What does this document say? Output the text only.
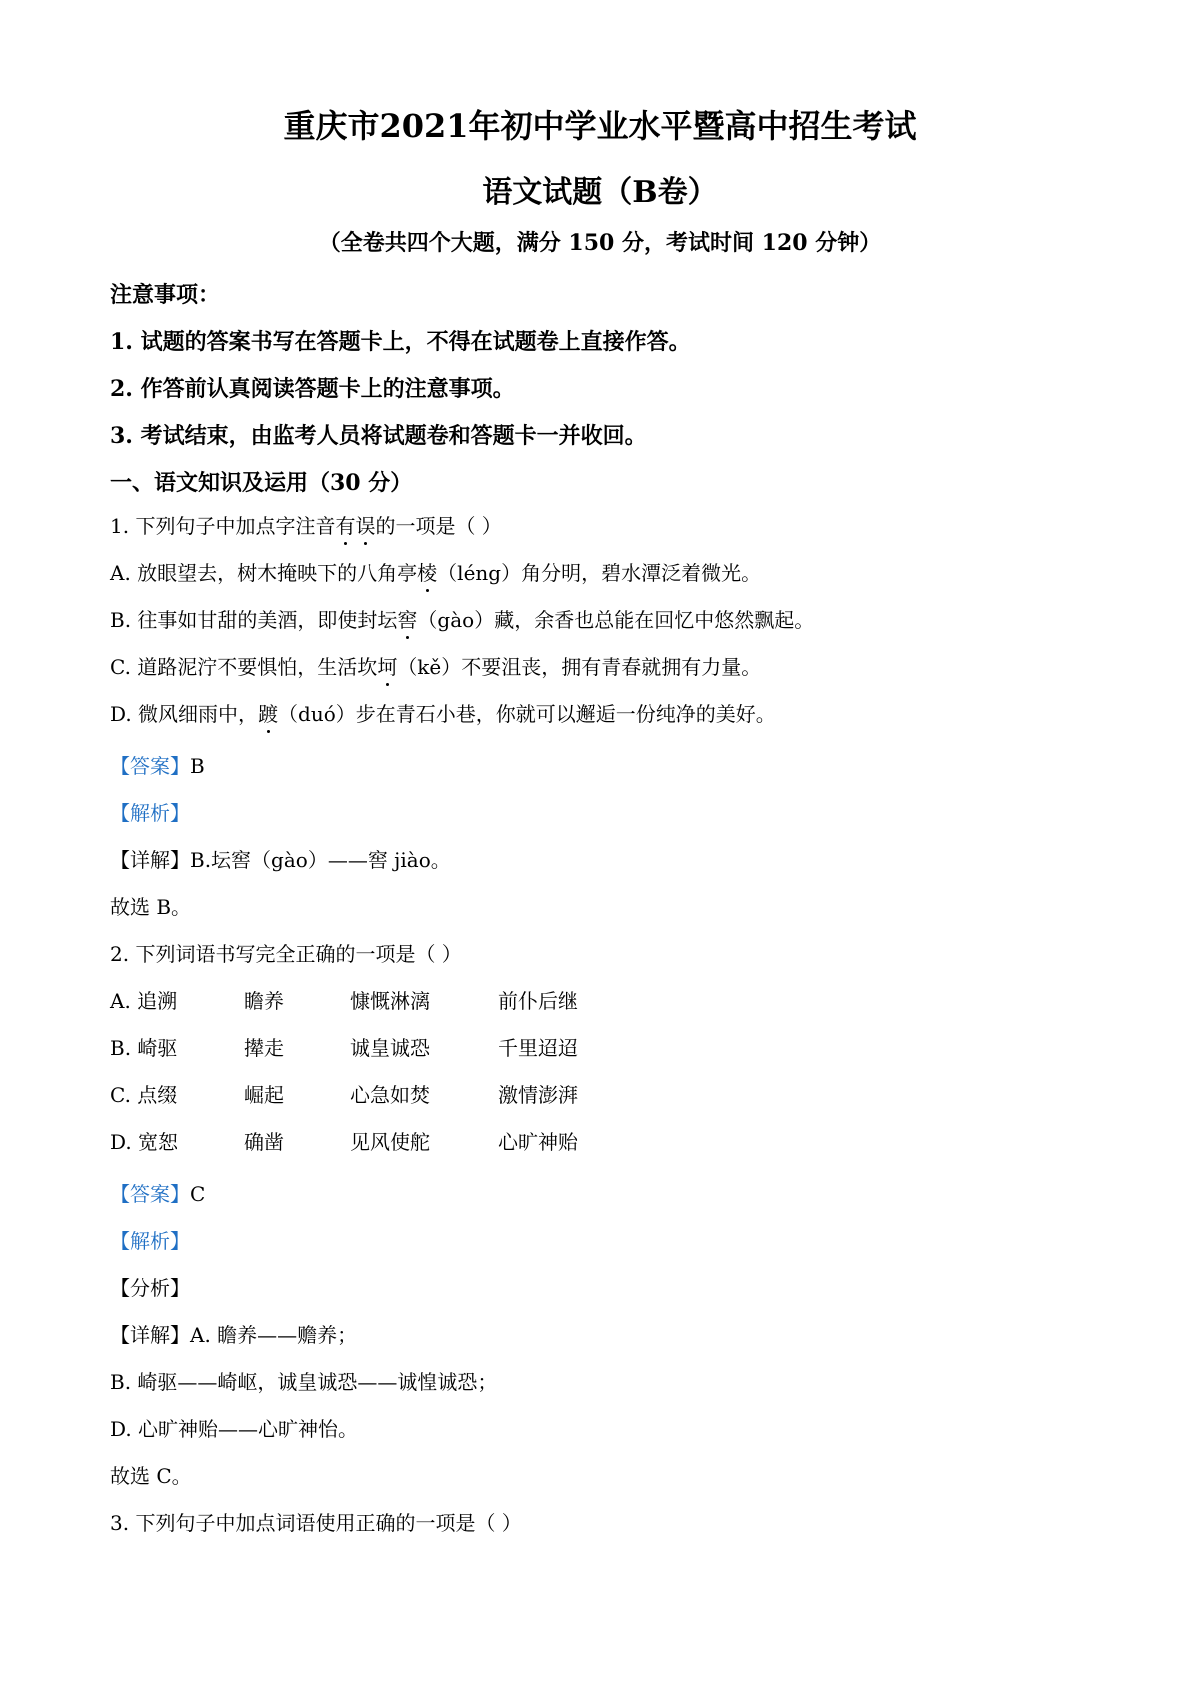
重庆市2021年初中学业水平暨高中招生考试
语文试题（B卷）
（全卷共四个大题，满分 150 分，考试时间 120 分钟）
注意事项：
1. 试题的答案书写在答题卡上，不得在试题卷上直接作答。
2. 作答前认真阅读答题卡上的注意事项。
3. 考试结束，由监考人员将试题卷和答题卡一并收回。
一、语文知识及运用（30 分）
1. 下列句子中加点字注音有误的一项是（ ）
A. 放眼望去，树木掩映下的八角亭棱（léng）角分明，碧水潭泛着微光。
B. 往事如甘甜的美酒，即使封坛窖（gào）藏，余香也总能在回忆中悠然飘起。
C. 道路泥泞不要惧怕，生活坎坷（kě）不要沮丧，拥有青春就拥有力量。
D. 微风细雨中，踱（duó）步在青石小巷，你就可以邂逅一份纯净的美好。
【答案】B
【解析】
【详解】B.坛窖（gào）——窖 jiào。
故选 B。
2. 下列词语书写完全正确的一项是（ ）
A. 追溯	瞻养	慷慨淋漓	前仆后继
B. 崎驱	撵走	诚皇诚恐	千里迢迢
C. 点缀	崛起	心急如焚	激情澎湃
D. 宽恕	确凿	见风使舵	心旷神贻
【答案】C
【解析】
【分析】
【详解】A. 瞻养——赡养；
B. 崎驱——崎岖，诚皇诚恐——诚惶诚恐；
D. 心旷神贻——心旷神怡。
故选 C。
3. 下列句子中加点词语使用正确的一项是（ ）
